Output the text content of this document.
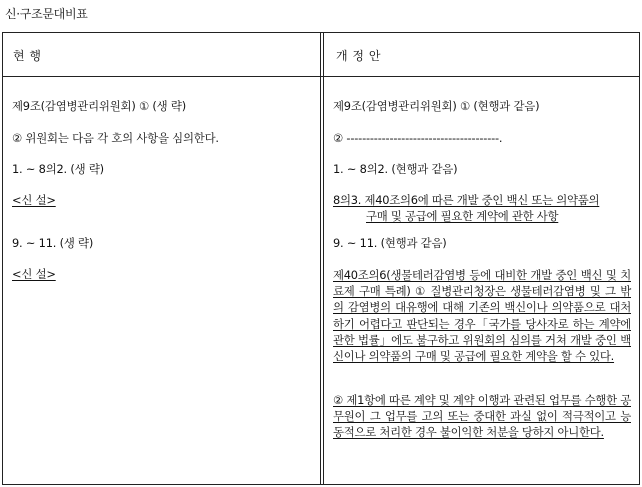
신·구조문대비표
현 행	개 정 안
제9조(감염병관리위원회) ① (생 략)
② 위원회는 다음 각 호의 사항을 심의한다.
1. ~ 8의2. (생 략)
<신 설>
9. ~ 11. (생 략)
<신 설>
제9조(감염병관리위원회) ① (현행과 같음)
② ---------------------------------------.
1. ~ 8의2. (현행과 같음)
8의3. 제40조의6에 따른 개발 중인 백신 또는 의약품의
구매 및 공급에 필요한 계약에 관한 사항
9. ~ 11. (현행과 같음)
제40조의6(생물테러감염병 등에 대비한 개발 중인 백신 및 치료제 구매 특례) ① 질병관리청장은 생물테러감염병 및 그 밖의 감염병의 대유행에 대해 기존의 백신이나 의약품으로 대처하기 어렵다고 판단되는 경우「국가를 당사자로 하는 계약에 관한 법률」에도 불구하고 위원회의 심의를 거쳐 개발 중인 백신이나 의약품의 구매 및 공급에 필요한 계약을 할 수 있다.
② 제1항에 따른 계약 및 계약 이행과 관련된 업무를 수행한 공무원이 그 업무를 고의 또는 중대한 과실 없이 적극적이고 능동적으로 처리한 경우 불이익한 처분을 당하지 아니한다.
